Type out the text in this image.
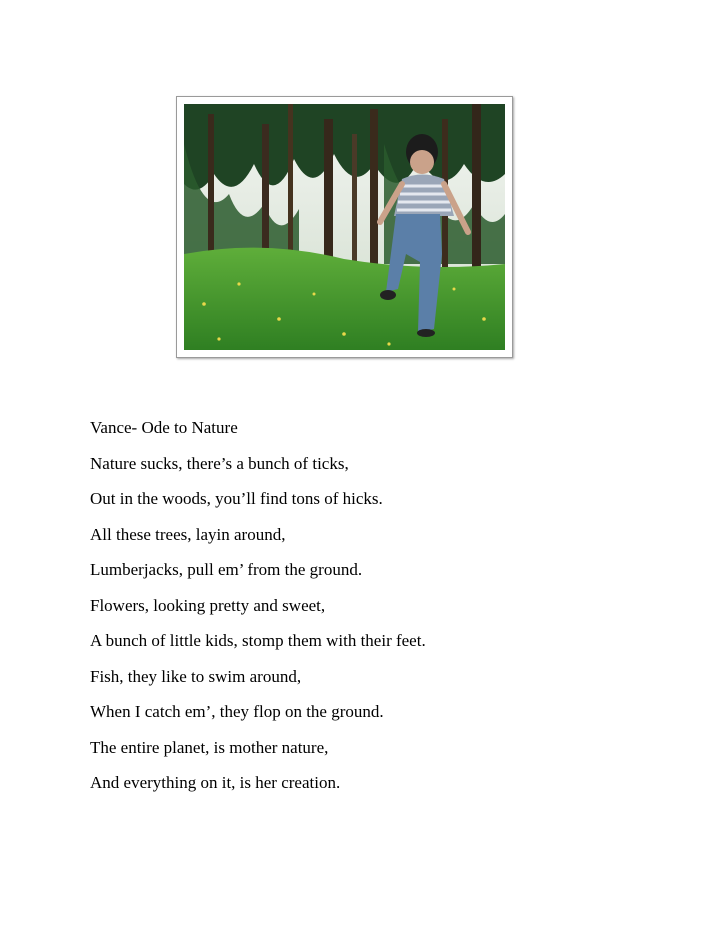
Vance- Ode to Nature

Nature sucks, there’s a bunch of ticks,

Out in the woods, you’ll find tons of hicks.

All these trees, layin around,

Lumberjacks, pull em’ from the ground.

Flowers, looking pretty and sweet,

A bunch of little kids, stomp them with their feet.

Fish, they like to swim around,

When I catch em’, they flop on the ground.

The entire planet, is mother nature,

And everything on it, is her creation.
